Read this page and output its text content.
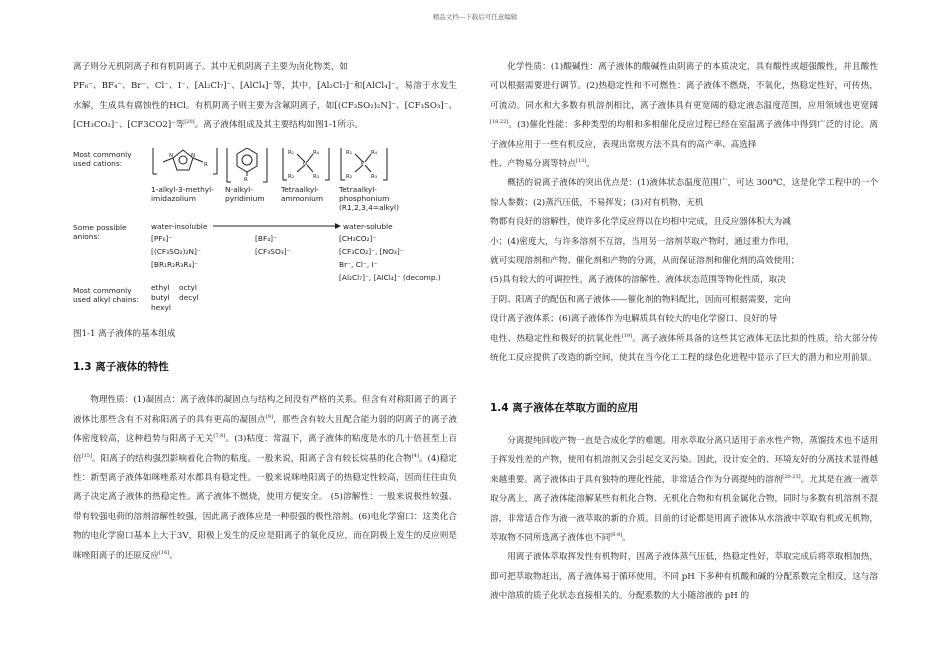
精品文档---下载后可任意编辑

离子则分无机阴离子和有机阴离子。其中无机阴离子主要为卤化物类，如
PF₆⁻、BF₄⁻、Br⁻、Cl⁻、I⁻、[Al₂Cl₇]⁻、[AlCl₄]⁻等，其中，[Al₂Cl₇]⁻和[AlCl₄]⁻，易溶于水发生水解，生成具有腐蚀性的HCl。有机阴离子则主要为含氟阴离子，如[(CF₃SO₂)₂N]⁻、[CF₃SO₃]⁻、[CH₃CO₂]⁻、[CF3CO2]⁻等[20]。离子液体组成及其主要结构如图1-1所示。

Most commonly
used cations:
Some possible
anions:
Most commonly
used alkyl chains:
N	N
R
R
R₁	R₄
N
R₂	R₃
R₁	R₄
P
R₂	R₃
1-alkyl-3-methyl-
imidazolium
N-alkyl-
pyridinium
Tetraalkyl-
ammonium
Tetraalkyl-
phosphonium
(R1,2,3,4=alkyl)
water-insoluble	water-soluble
[PF₆]⁻
[(CF₃SO₂)₂N]⁻
[BR₁R₂R₃R₄]⁻
[BF₄]⁻
[CF₃SO₃]⁻
[CH₃CO₂]⁻
[CF₃CO₂]⁻, [NO₃]⁻
Br⁻, Cl⁻, I⁻
[Al₂Cl₇]⁻, [AlCl₄]⁻ (decomp.)
ethyl octyl
butyl decyl
hexyl

图1-1 离子液体的基本组成

1.3 离子液体的特性

物理性质：(1)凝固点：离子液体的凝固点与结构之间没有严格的关系。但含有对称阳离子的离子液体比那些含有不对称阳离子的具有更高的凝固点[9]，那些含有较大且配合能力弱的阴离子的离子液体密度较高，这种趋势与阳离子无关[7,8]。(3)粘度：常温下，离子液体的粘度是水的几十倍甚至上百倍[15]。阳离子的结构强烈影响着化合物的粘度。一般来说，阳离子含有较长烷基的化合物[4]。(4)稳定性：新型离子液体如咪唑系对水都具有稳定性。一般来说咪唑阳离子的热稳定性较高，因而往往由负离子决定离子液体的热稳定性。离子液体不燃烧，使用方便安全。 (5)溶解性：一般来说极性较强、带有较强电荷的溶剂溶解性较强，因此离子液体应是一种很强的极性溶剂。(6)电化学窗口：这类化合物的电化学窗口基本上大于3V，阳极上发生的反应是阳离子的氧化反应，而在阴极上发生的反应则是咪唑阳离子的还原反应[16]。

化学性质：(1)酸碱性：离子液体的酸碱性由阴离子的本质决定，具有酸性或超强酸性，并且酸性可以根据需要进行调节。(2)热稳定性和不可燃性：离子液体不燃烧，不氧化，热稳定性好，可传热，可流动。同水和大多数有机溶剂相比，离子液体具有更宽阔的稳定液态温度范围，应用领域也更宽阔[18,22]。(3)催化性能：多种类型的均相和多相催化反应过程已经在室温离子液体中得到广泛的讨论。离子液体应用于一些有机反应，表现出常规方法不具有的高产率、高选择
性、产物易分离等特点[13]。

概括的说离子液体的突出优点是：(1)液体状态温度范围广，可达 300℃，这是化学工程中的一个惊人参数；(2)蒸汽压低，不易挥发；(3)对有机物、无机
物都有良好的溶解性，使许多化学反应得以在均相中完成，且反应器体积大为减
小；(4)密度大，与许多溶剂不互溶，当用另一溶剂萃取产物时，通过重力作用，
就可实现溶剂和产物、催化剂和产物的分离，从而保证溶剂和催化剂的高效使用；
(5)具有较大的可调控性，离子液体的溶解性、液体状态范围等物化性质，取决
于阴、阳离子的配伍和离子液体——催化剂的物料配比，因而可根据需要，定向
设计离子液体系；(6)离子液体作为电解质具有较大的电化学窗口、良好的导
电性、热稳定性和极好的抗氧化性[19]。离子液体所具备的这些其它液体无法比拟的性质，给大部分传统化工反应提供了改造的新空间，使其在当今化工工程的绿色化进程中显示了巨大的潜力和应用前景。

1.4 离子液体在萃取方面的应用

分离提纯回收产物一直是合成化学的难题。用水萃取分离只适用于亲水性产物，蒸馏技术也不适用于挥发性差的产物，使用有机溶剂又会引起交叉污染。因此，设计安全的、环境友好的分离技术显得越来越重要。离子液体由于具有独特的理化性能，非常适合作为分离提纯的溶剂[20-23]。尤其是在液一液萃取分离上，离子液体能溶解某些有机化合物、无机化合物和有机金属化合物，同时与多数有机溶剂不混溶，非常适合作为液一液萃取的新的介质。目前的讨论都是用离子液体从水溶液中萃取有机或无机物，萃取物不同所选离子液体也不同[6-8]。

用离子液体萃取挥发性有机物时，因离子液体蒸气压低，热稳定性好，萃取完成后将萃取相加热，即可把萃取物赶出，离子液体易于循环使用。不同 pH 下多种有机酸和碱的分配系数完全相反，这与溶液中溶质的质子化状态直接相关的。分配系数的大小随溶液的 pH 的
